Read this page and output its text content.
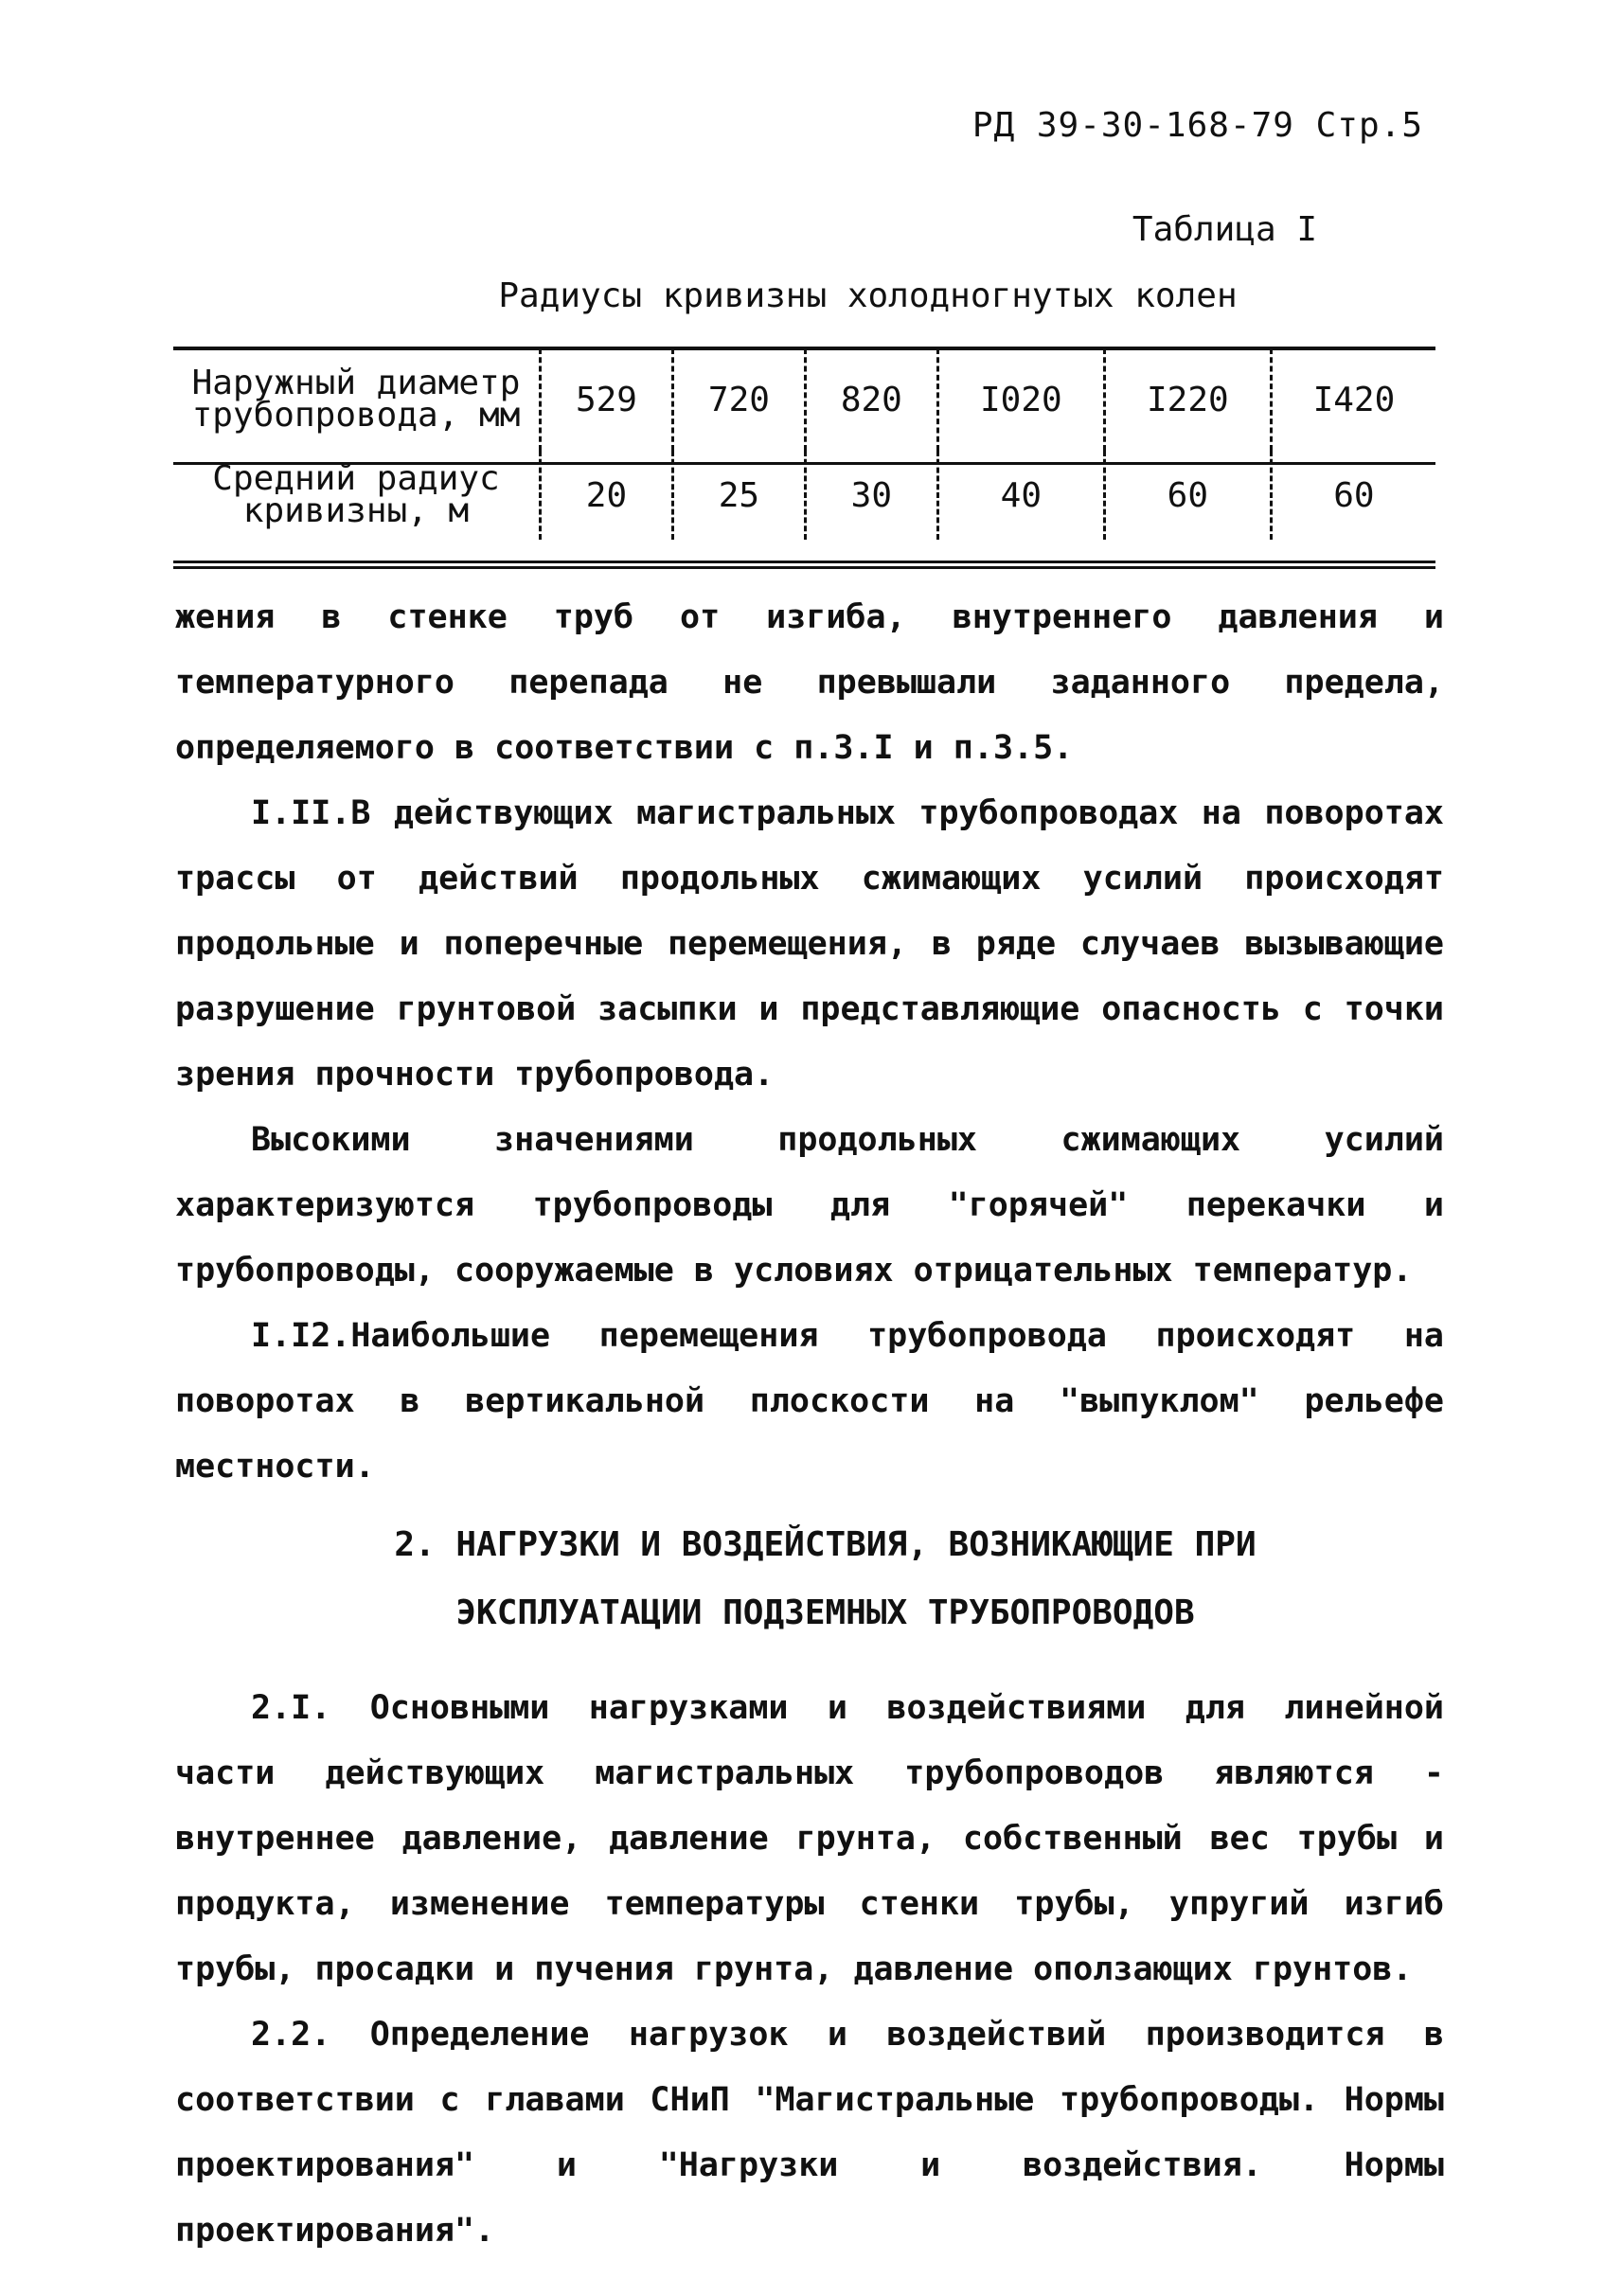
РД 39-30-168-79 Стр.5
Таблица I
Радиусы кривизны холодногнутых колен
Наружный диаметр трубопровода, мм	529	720	820	I020	I220	I420
Средний радиус кривизны, м	20	25	30	40	60	60

жения в стенке труб от изгиба, внутреннего давления и температурного перепада не превышали заданного предела, определяемого в соответствии с п.3.I и п.3.5.

I.II.В действующих магистральных трубопроводах на поворотах трассы от действий продольных сжимающих усилий происходят продольные и поперечные перемещения, в ряде случаев вызывающие разрушение грунтовой засыпки и представляющие опасность с точки зрения прочности трубопровода.

Высокими значениями продольных сжимающих усилий характеризуются трубопроводы для "горячей" перекачки и трубопроводы, сооружаемые в условиях отрицательных температур.

I.I2.Наибольшие перемещения трубопровода происходят на поворотах в вертикальной плоскости на "выпуклом" рельефе местности.

2. НАГРУЗКИ И ВОЗДЕЙСТВИЯ, ВОЗНИКАЮЩИЕ ПРИ
ЭКСПЛУАТАЦИИ ПОДЗЕМНЫХ ТРУБОПРОВОДОВ

2.I. Основными нагрузками и воздействиями для линейной части действующих магистральных трубопроводов являются - внутреннее давление, давление грунта, собственный вес трубы и продукта, изменение температуры стенки трубы, упругий изгиб трубы, просадки и пучения грунта, давление оползающих грунтов.

2.2. Определение нагрузок и воздействий производится в соответствии с главами СНиП "Магистральные трубопроводы. Нормы проектирования" и "Нагрузки и воздействия. Нормы проектирования".
